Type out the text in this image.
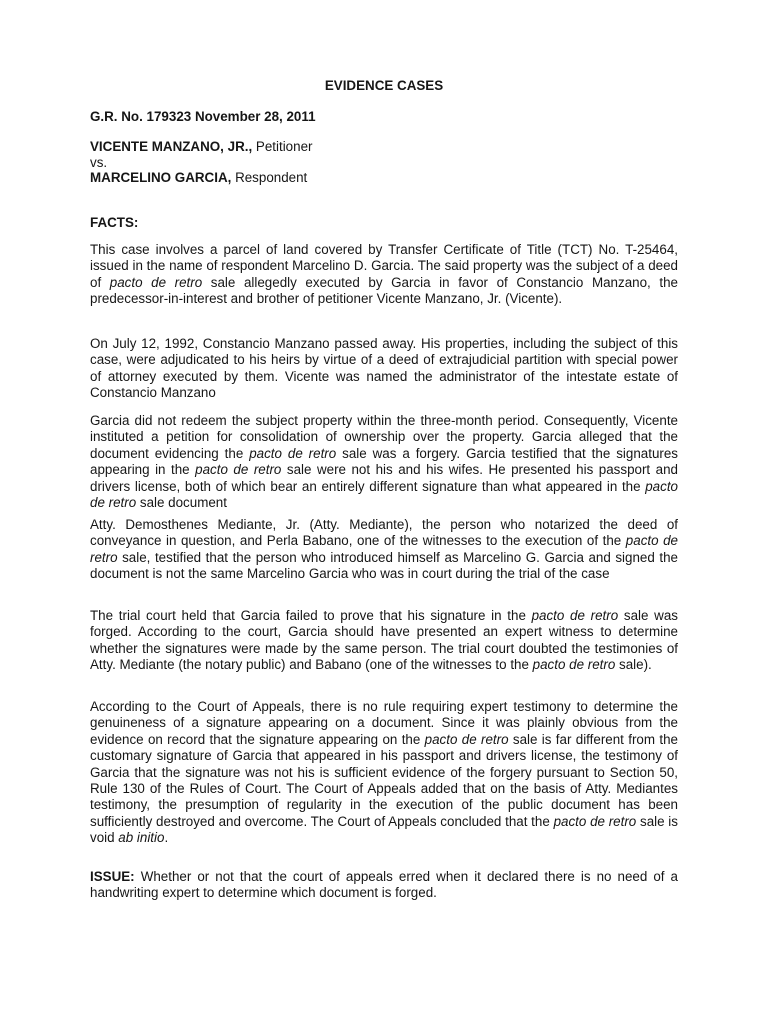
EVIDENCE CASES

G.R. No. 179323 November 28, 2011

VICENTE MANZANO, JR., Petitioner

vs.

MARCELINO GARCIA, Respondent

FACTS:

This case involves a parcel of land covered by Transfer Certificate of Title (TCT) No. T-25464, issued in the name of respondent Marcelino D. Garcia. The said property was the subject of a deed of pacto de retro sale allegedly executed by Garcia in favor of Constancio Manzano, the predecessor-in-interest and brother of petitioner Vicente Manzano, Jr. (Vicente).

On July 12, 1992, Constancio Manzano passed away. His properties, including the subject of this case, were adjudicated to his heirs by virtue of a deed of extrajudicial partition with special power of attorney executed by them. Vicente was named the administrator of the intestate estate of Constancio Manzano

Garcia did not redeem the subject property within the three-month period. Consequently, Vicente instituted a petition for consolidation of ownership over the property. Garcia alleged that the document evidencing the pacto de retro sale was a forgery. Garcia testified that the signatures appearing in the pacto de retro sale were not his and his wifes. He presented his passport and drivers license, both of which bear an entirely different signature than what appeared in the pacto de retro sale document

Atty. Demosthenes Mediante, Jr. (Atty. Mediante), the person who notarized the deed of conveyance in question, and Perla Babano, one of the witnesses to the execution of the pacto de retro sale, testified that the person who introduced himself as Marcelino G. Garcia and signed the document is not the same Marcelino Garcia who was in court during the trial of the case

The trial court held that Garcia failed to prove that his signature in the pacto de retro sale was forged. According to the court, Garcia should have presented an expert witness to determine whether the signatures were made by the same person. The trial court doubted the testimonies of Atty. Mediante (the notary public) and Babano (one of the witnesses to the pacto de retro sale).

According to the Court of Appeals, there is no rule requiring expert testimony to determine the genuineness of a signature appearing on a document. Since it was plainly obvious from the evidence on record that the signature appearing on the pacto de retro sale is far different from the customary signature of Garcia that appeared in his passport and drivers license, the testimony of Garcia that the signature was not his is sufficient evidence of the forgery pursuant to Section 50, Rule 130 of the Rules of Court. The Court of Appeals added that on the basis of Atty. Mediantes testimony, the presumption of regularity in the execution of the public document has been sufficiently destroyed and overcome. The Court of Appeals concluded that the pacto de retro sale is void ab initio.

ISSUE: Whether or not that the court of appeals erred when it declared there is no need of a handwriting expert to determine which document is forged.
